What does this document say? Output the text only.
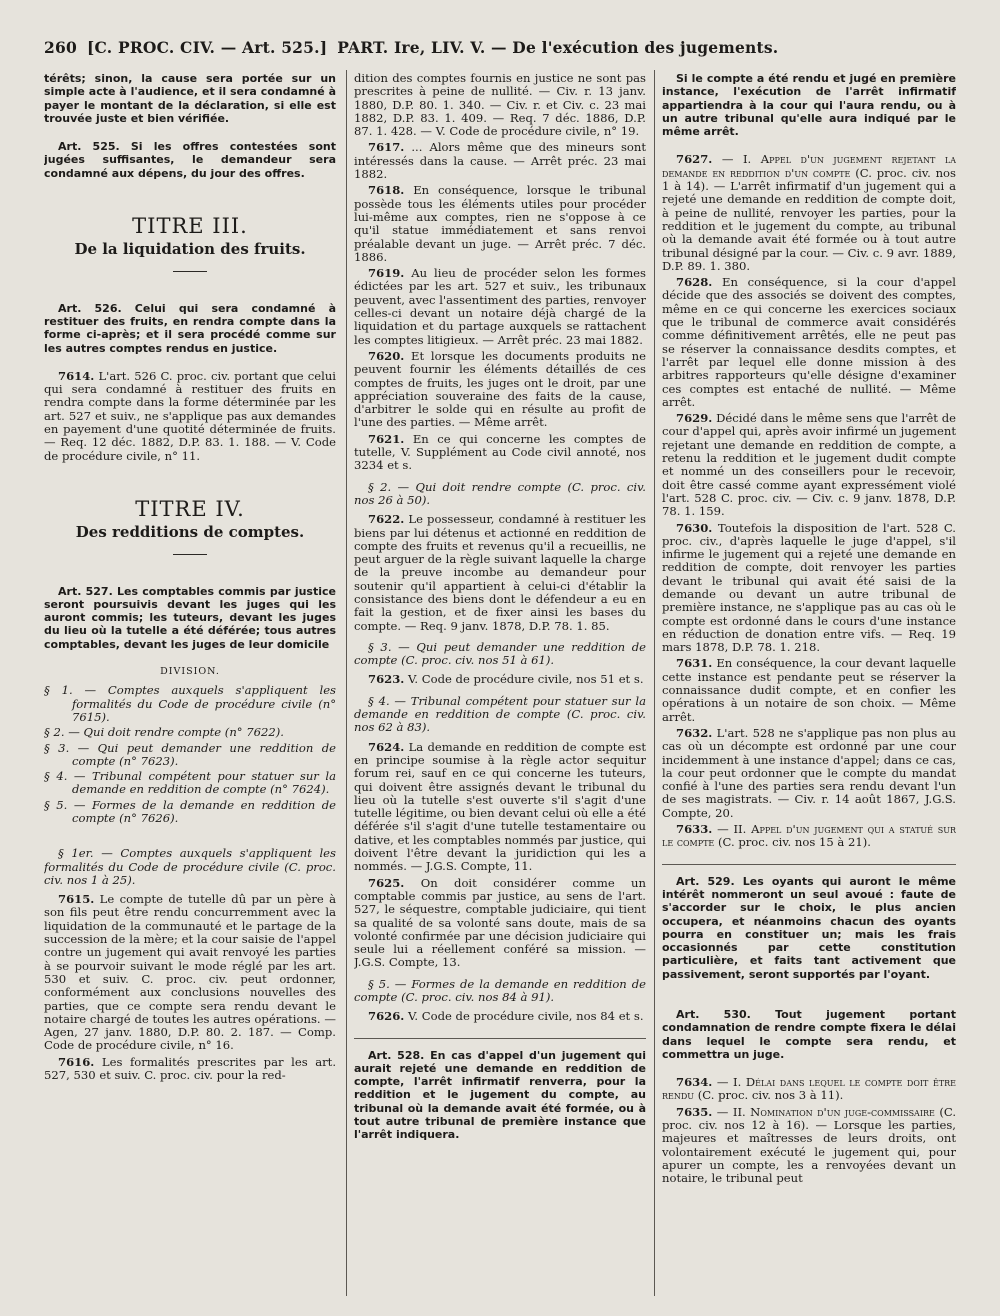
260 [C. PROC. CIV. — Art. 525.] PART. Ire, LIV. V. — De l'exécution des jugements.

térêts; sinon, la cause sera portée sur un simple acte à l'audience, et il sera condamné à payer le montant de la déclaration, si elle est trouvée juste et bien vérifiée.

Art. 525. Si les offres contestées sont jugées suffisantes, le demandeur sera condamné aux dépens, du jour des offres.

TITRE III.
De la liquidation des fruits.

Art. 526. Celui qui sera condamné à restituer des fruits, en rendra compte dans la forme ci-après; et il sera procédé comme sur les autres comptes rendus en justice.

7614. L'art. 526 C. proc. civ. portant que celui qui sera condamné à restituer des fruits en rendra compte dans la forme déterminée par les art. 527 et suiv., ne s'applique pas aux demandes en payement d'une quotité déterminée de fruits. — Req. 12 déc. 1882, D.P. 83. 1. 188. — V. Code de procédure civile, n° 11.

TITRE IV.
Des redditions de comptes.

Art. 527. Les comptables commis par justice seront poursuivis devant les juges qui les auront commis; les tuteurs, devant les juges du lieu où la tutelle a été déférée; tous autres comptables, devant les juges de leur domicile

DIVISION.

§ 1. — Comptes auxquels s'appliquent les formalités du Code de procédure civile (n° 7615).

§ 2. — Qui doit rendre compte (n° 7622).

§ 3. — Qui peut demander une reddition de compte (n° 7623).

§ 4. — Tribunal compétent pour statuer sur la demande en reddition de compte (n° 7624).

§ 5. — Formes de la demande en reddition de compte (n° 7626).

§ 1er. — Comptes auxquels s'appliquent les formalités du Code de procédure civile (C. proc. civ. nos 1 à 25).

7615. Le compte de tutelle dû par un père à son fils peut être rendu concurremment avec la liquidation de la communauté et le partage de la succession de la mère; et la cour saisie de l'appel contre un jugement qui avait renvoyé les parties à se pourvoir suivant le mode réglé par les art. 530 et suiv. C. proc. civ. peut ordonner, conformément aux conclusions nouvelles des parties, que ce compte sera rendu devant le notaire chargé de toutes les autres opérations. — Agen, 27 janv. 1880, D.P. 80. 2. 187. — Comp. Code de procédure civile, n° 16.

7616. Les formalités prescrites par les art. 527, 530 et suiv. C. proc. civ. pour la red-

dition des comptes fournis en justice ne sont pas prescrites à peine de nullité. — Civ. r. 13 janv. 1880, D.P. 80. 1. 340. — Civ. r. et Civ. c. 23 mai 1882, D.P. 83. 1. 409. — Req. 7 déc. 1886, D.P. 87. 1. 428. — V. Code de procédure civile, n° 19.

7617. ... Alors même que des mineurs sont intéressés dans la cause. — Arrêt préc. 23 mai 1882.

7618. En conséquence, lorsque le tribunal possède tous les éléments utiles pour procéder lui-même aux comptes, rien ne s'oppose à ce qu'il statue immédiatement et sans renvoi préalable devant un juge. — Arrêt préc. 7 déc. 1886.

7619. Au lieu de procéder selon les formes édictées par les art. 527 et suiv., les tribunaux peuvent, avec l'assentiment des parties, renvoyer celles-ci devant un notaire déjà chargé de la liquidation et du partage auxquels se rattachent les comptes litigieux. — Arrêt préc. 23 mai 1882.

7620. Et lorsque les documents produits ne peuvent fournir les éléments détaillés de ces comptes de fruits, les juges ont le droit, par une appréciation souveraine des faits de la cause, d'arbitrer le solde qui en résulte au profit de l'une des parties. — Même arrêt.

7621. En ce qui concerne les comptes de tutelle, V. Supplément au Code civil annoté, nos 3234 et s.

§ 2. — Qui doit rendre compte (C. proc. civ. nos 26 à 50).

7622. Le possesseur, condamné à restituer les biens par lui détenus et actionné en reddition de compte des fruits et revenus qu'il a recueillis, ne peut arguer de la règle suivant laquelle la charge de la preuve incombe au demandeur pour soutenir qu'il appartient à celui-ci d'établir la consistance des biens dont le défendeur a eu en fait la gestion, et de fixer ainsi les bases du compte. — Req. 9 janv. 1878, D.P. 78. 1. 85.

§ 3. — Qui peut demander une reddition de compte (C. proc. civ. nos 51 à 61).

7623. V. Code de procédure civile, nos 51 et s.

§ 4. — Tribunal compétent pour statuer sur la demande en reddition de compte (C. proc. civ. nos 62 à 83).

7624. La demande en reddition de compte est en principe soumise à la règle actor sequitur forum rei, sauf en ce qui concerne les tuteurs, qui doivent être assignés devant le tribunal du lieu où la tutelle s'est ouverte s'il s'agit d'une tutelle légitime, ou bien devant celui où elle a été déférée s'il s'agit d'une tutelle testamentaire ou dative, et les comptables nommés par justice, qui doivent l'être devant la juridiction qui les a nommés. — J.G.S. Compte, 11.

7625. On doit considérer comme un comptable commis par justice, au sens de l'art. 527, le séquestre, comptable judiciaire, qui tient sa qualité de sa volonté sans doute, mais de sa volonté confirmée par une décision judiciaire qui seule lui a réellement conféré sa mission. — J.G.S. Compte, 13.

§ 5. — Formes de la demande en reddition de compte (C. proc. civ. nos 84 à 91).

7626. V. Code de procédure civile, nos 84 et s.

Art. 528. En cas d'appel d'un jugement qui aurait rejeté une demande en reddition de compte, l'arrêt infirmatif renverra, pour la reddition et le jugement du compte, au tribunal où la demande avait été formée, ou à tout autre tribunal de première instance que l'arrêt indiquera.

Si le compte a été rendu et jugé en première instance, l'exécution de l'arrêt infirmatif appartiendra à la cour qui l'aura rendu, ou à un autre tribunal qu'elle aura indiqué par le même arrêt.

7627. — I. Appel d'un jugement rejetant la demande en reddition d'un compte (C. proc. civ. nos 1 à 14). — L'arrêt infirmatif d'un jugement qui a rejeté une demande en reddition de compte doit, à peine de nullité, renvoyer les parties, pour la reddition et le jugement du compte, au tribunal où la demande avait été formée ou à tout autre tribunal désigné par la cour. — Civ. c. 9 avr. 1889, D.P. 89. 1. 380.

7628. En conséquence, si la cour d'appel décide que des associés se doivent des comptes, même en ce qui concerne les exercices sociaux que le tribunal de commerce avait considérés comme définitivement arrêtés, elle ne peut pas se réserver la connaissance desdits comptes, et l'arrêt par lequel elle donne mission à des arbitres rapporteurs qu'elle désigne d'examiner ces comptes est entaché de nullité. — Même arrêt.

7629. Décidé dans le même sens que l'arrêt de cour d'appel qui, après avoir infirmé un jugement rejetant une demande en reddition de compte, a retenu la reddition et le jugement dudit compte et nommé un des conseillers pour le recevoir, doit être cassé comme ayant expressément violé l'art. 528 C. proc. civ. — Civ. c. 9 janv. 1878, D.P. 78. 1. 159.

7630. Toutefois la disposition de l'art. 528 C. proc. civ., d'après laquelle le juge d'appel, s'il infirme le jugement qui a rejeté une demande en reddition de compte, doit renvoyer les parties devant le tribunal qui avait été saisi de la demande ou devant un autre tribunal de première instance, ne s'applique pas au cas où le compte est ordonné dans le cours d'une instance en réduction de donation entre vifs. — Req. 19 mars 1878, D.P. 78. 1. 218.

7631. En conséquence, la cour devant laquelle cette instance est pendante peut se réserver la connaissance dudit compte, et en confier les opérations à un notaire de son choix. — Même arrêt.

7632. L'art. 528 ne s'applique pas non plus au cas où un décompte est ordonné par une cour incidemment à une instance d'appel; dans ce cas, la cour peut ordonner que le compte du mandat confié à l'une des parties sera rendu devant l'un de ses magistrats. — Civ. r. 14 août 1867, J.G.S. Compte, 20.

7633. — II. Appel d'un jugement qui a statué sur le compte (C. proc. civ. nos 15 à 21).

Art. 529. Les oyants qui auront le même intérêt nommeront un seul avoué : faute de s'accorder sur le choix, le plus ancien occupera, et néanmoins chacun des oyants pourra en constituer un; mais les frais occasionnés par cette constitution particulière, et faits tant activement que passivement, seront supportés par l'oyant.

Art. 530. Tout jugement portant condamnation de rendre compte fixera le délai dans lequel le compte sera rendu, et commettra un juge.

7634. — I. Délai dans lequel le compte doit être rendu (C. proc. civ. nos 3 à 11).

7635. — II. Nomination d'un juge-commissaire (C. proc. civ. nos 12 à 16). — Lorsque les parties, majeures et maîtresses de leurs droits, ont volontairement exécuté le jugement qui, pour apurer un compte, les a renvoyées devant un notaire, le tribunal peut
